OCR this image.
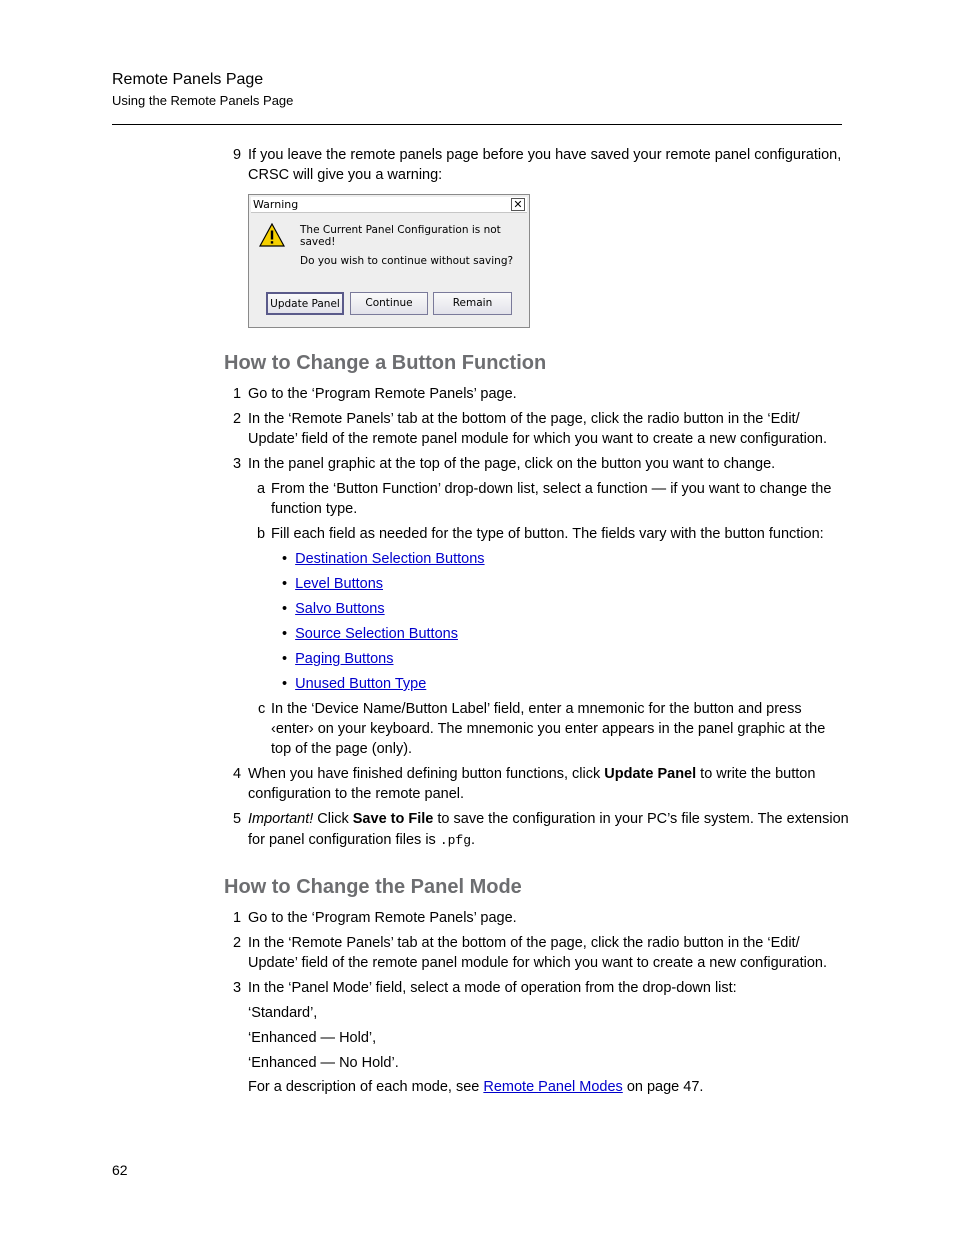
Remote Panels Page
Using the Remote Panels Page
9 If you leave the remote panels page before you have saved your remote panel configuration,
CRSC will give you a warning:
Warning	✕
The Current Panel Configuration is not saved!
Do you wish to continue without saving?
Update Panel	Continue	Remain
How to Change a Button Function
1 Go to the ‘Program Remote Panels’ page.
2 In the ‘Remote Panels’ tab at the bottom of the page, click the radio button in the ‘Edit/
Update’ field of the remote panel module for which you want to create a new configuration.
3 In the panel graphic at the top of the page, click on the button you want to change.
a From the ‘Button Function’ drop-down list, select a function — if you want to change the
function type.
b Fill each field as needed for the type of button. The fields vary with the button function:
•  Destination Selection Buttons
•  Level Buttons
•  Salvo Buttons
•  Source Selection Buttons
•  Paging Buttons
•  Unused Button Type
c In the ‘Device Name/Button Label’ field, enter a mnemonic for the button and press
‹enter› on your keyboard. The mnemonic you enter appears in the panel graphic at the
top of the page (only).
4 When you have finished defining button functions, click Update Panel to write the button
configuration to the remote panel.
5 Important! Click Save to File to save the configuration in your PC’s file system. The extension
for panel configuration files is .pfg.
How to Change the Panel Mode
1 Go to the ‘Program Remote Panels’ page.
2 In the ‘Remote Panels’ tab at the bottom of the page, click the radio button in the ‘Edit/
Update’ field of the remote panel module for which you want to create a new configuration.
3 In the ‘Panel Mode’ field, select a mode of operation from the drop-down list:
‘Standard’,
‘Enhanced — Hold’,
‘Enhanced — No Hold’.
For a description of each mode, see Remote Panel Modes on page 47.
62
